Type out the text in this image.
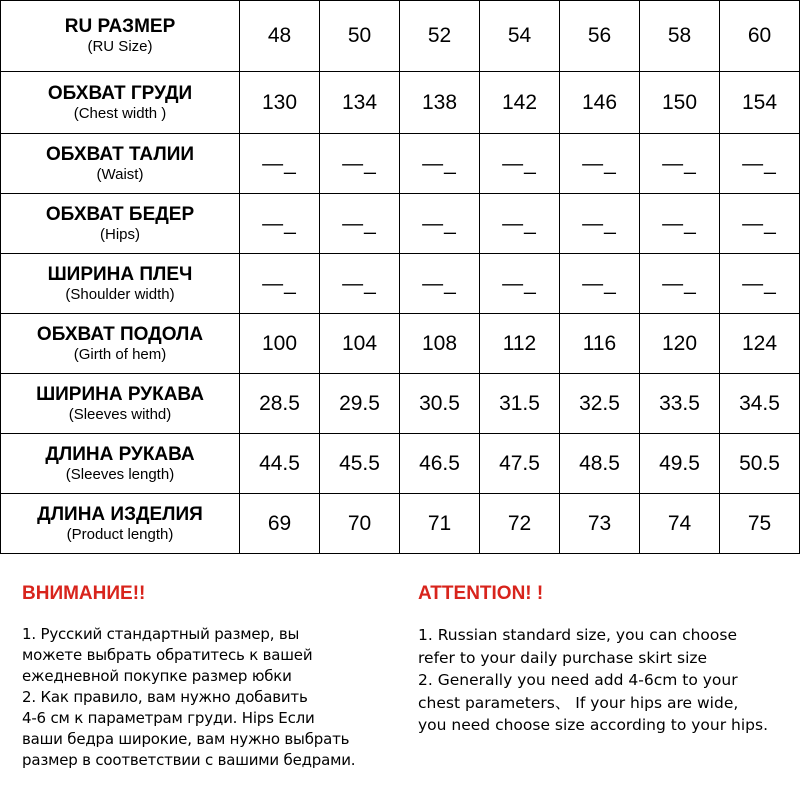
RU РАЗМЕР
(RU Size)	48	50	52	54	56	58	60

ОБХВАТ ГРУДИ
(Chest width )	130	134	138	142	146	150	154

ОБХВАТ ТАЛИИ
(Waist)	—_	—_	—_	—_	—_	—_	—_

ОБХВАТ БЕДЕР
(Hips)	—_	—_	—_	—_	—_	—_	—_

ШИРИНА ПЛЕЧ
(Shoulder width)	—_	—_	—_	—_	—_	—_	—_

ОБХВАТ ПОДОЛА
(Girth of hem)	100	104	108	112	116	120	124

ШИРИНА РУКАВА
(Sleeves withd)	28.5	29.5	30.5	31.5	32.5	33.5	34.5

ДЛИНА РУКАВА
(Sleeves length)	44.5	45.5	46.5	47.5	48.5	49.5	50.5

ДЛИНА ИЗДЕЛИЯ
(Product length)	69	70	71	72	73	74	75
ВНИМАНИЕ!!
1. Русский стандартный размер, вы
можете выбрать обратитесь к вашей
ежедневной покупке размер юбки
2. Как правило, вам нужно добавить
4-6 см к параметрам груди. Hips Если
ваши бедра широкие, вам нужно выбрать
размер в соответствии с вашими бедрами.
ATTENTION! !
1. Russian standard size, you can choose
refer to your daily purchase skirt size
2. Generally you need add 4-6cm to your
chest parameters、 If your hips are wide,
you need choose size according to your hips.
